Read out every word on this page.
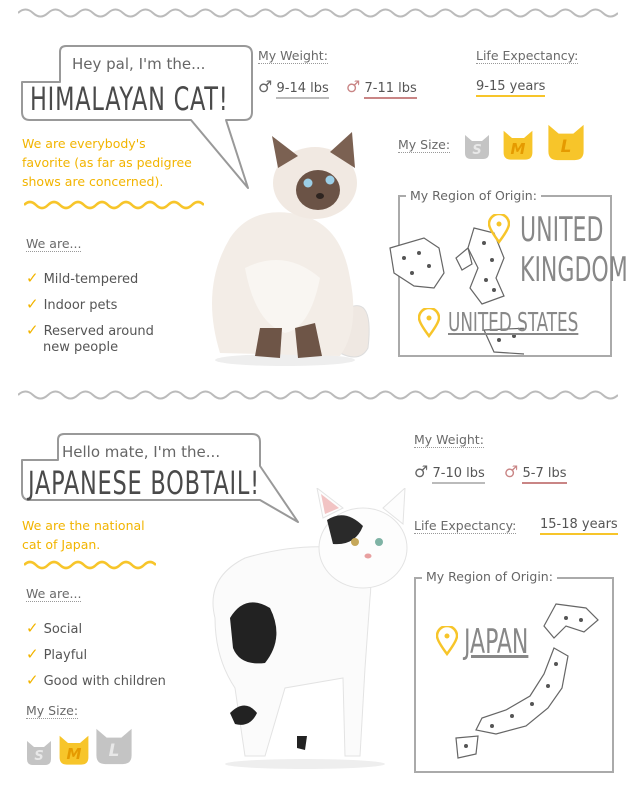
Hey pal, I'm the...
HIMALAYAN CAT!
We are everybody's
favorite (as far as pedigree
shows are concerned).
We are...
✓ Mild-tempered
✓ Indoor pets
✓ Reserved around
new people
My Weight:
♂ 9-14 lbs ♂ 7-11 lbs
Life Expectancy:
9-15 years
My Size:	S	M	L
My Region of Origin:
UNITED
KINGDOM
UNITED STATES
Hello mate, I'm the...
JAPANESE BOBTAIL!
We are the national
cat of Japan.
We are...
✓ Social
✓ Playful
✓ Good with children
My Size:
S	M	L
My Weight:
♂ 7-10 lbs ♂ 5-7 lbs
Life Expectancy: 15-18 years
My Region of Origin:
JAPAN
